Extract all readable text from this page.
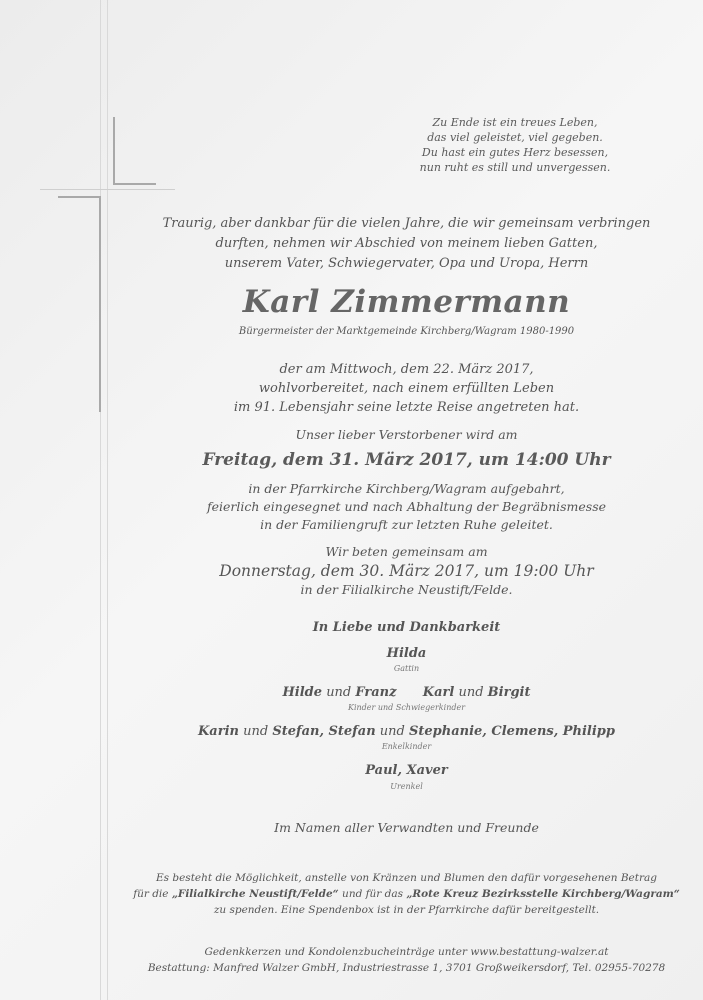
Zu Ende ist ein treues Leben,
das viel geleistet, viel gegeben.
Du hast ein gutes Herz besessen,
nun ruht es still und unvergessen.
Traurig, aber dankbar für die vielen Jahre, die wir gemeinsam verbringen
durften, nehmen wir Abschied von meinem lieben Gatten,
unserem Vater, Schwiegervater, Opa und Uropa, Herrn
Karl Zimmermann
Bürgermeister der Marktgemeinde Kirchberg/Wagram 1980-1990
der am Mittwoch, dem 22. März 2017,
wohlvorbereitet, nach einem erfüllten Leben
im 91. Lebensjahr seine letzte Reise angetreten hat.
Unser lieber Verstorbener wird am
Freitag, dem 31. März 2017, um 14:00 Uhr
in der Pfarrkirche Kirchberg/Wagram aufgebahrt,
feierlich eingesegnet und nach Abhaltung der Begräbnismesse
in der Familiengruft zur letzten Ruhe geleitet.
Wir beten gemeinsam am
Donnerstag, dem 30. März 2017, um 19:00 Uhr
in der Filialkirche Neustift/Felde.
In Liebe und Dankbarkeit
Hilda
Gattin
Hilde und Franz Karl und Birgit
Kinder und Schwiegerkinder
Karin und Stefan, Stefan und Stephanie, Clemens, Philipp
Enkelkinder
Paul, Xaver
Urenkel
Im Namen aller Verwandten und Freunde
Es besteht die Möglichkeit, anstelle von Kränzen und Blumen den dafür vorgesehenen Betrag
für die „Filialkirche Neustift/Felde“ und für das „Rote Kreuz Bezirksstelle Kirchberg/Wagram“
zu spenden. Eine Spendenbox ist in der Pfarrkirche dafür bereitgestellt.
Gedenkkerzen und Kondolenzbucheinträge unter www.bestattung-walzer.at
Bestattung: Manfred Walzer GmbH, Industriestrasse 1, 3701 Großweikersdorf, Tel. 02955-70278
